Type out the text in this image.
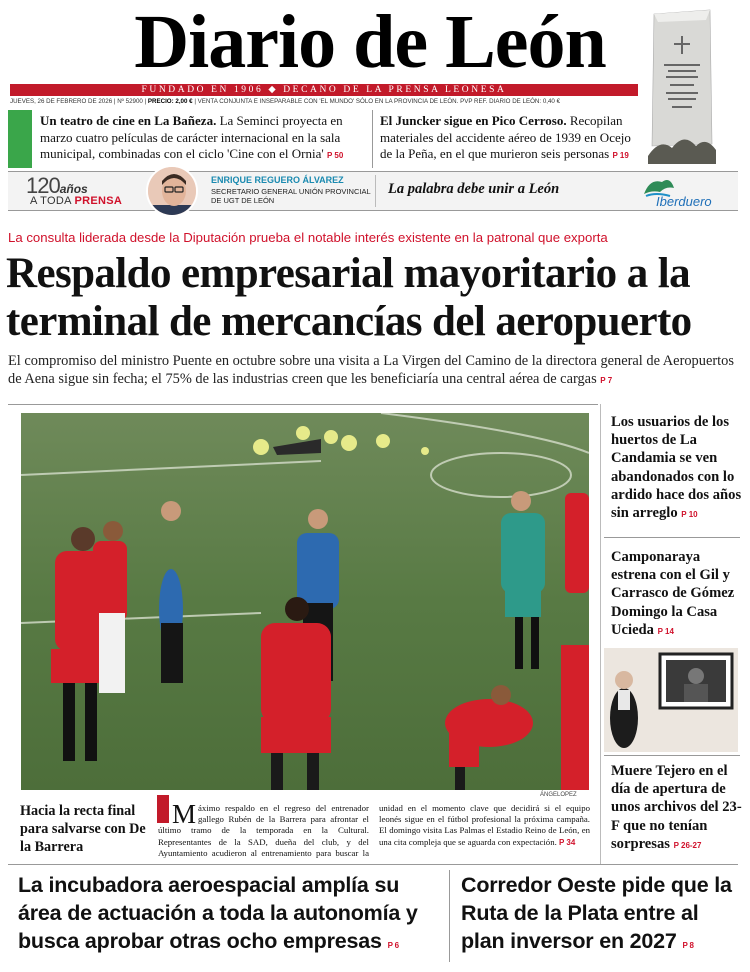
Diario de León
FUNDADO EN 1906 ◆ DECANO DE LA PRENSA LEONESA
JUEVES, 26 DE FEBRERO DE 2026 | Nº 52900 | PRECIO: 2,00 € | VENTA CONJUNTA E INSEPARABLE CON 'EL MUNDO' SÓLO EN LA PROVINCIA DE LEÓN. PVP REF. DIARIO DE LEÓN: 0,40 €
Un teatro de cine en La Bañeza. La Seminci proyecta en marzo cuatro películas de carácter internacional en la sala municipal, combinadas con el ciclo 'Cine con el Ornia' P 50
El Juncker sigue en Pico Cerroso. Recopilan materiales del accidente aéreo de 1939 en Ocejo de la Peña, en el que murieron seis personas P 19
120años
A TODA PRENSA
ENRIQUE REGUERO ÁLVAREZ
SECRETARIO GENERAL UNIÓN PROVINCIAL DE UGT DE LEÓN
La palabra debe unir a León
Iberduero
La consulta liderada desde la Diputación prueba el notable interés existente en la patronal que exporta
Respaldo empresarial mayoritario a la terminal de mercancías del aeropuerto
El compromiso del ministro Puente en octubre sobre una visita a La Virgen del Camino de la directora general de Aeropuertos de Aena sigue sin fecha; el 75% de las industrias creen que les beneficiaría una central aérea de cargas P 7
ÁNGELOPEZ
Hacia la recta final para salvarse con De la Barrera
Máximo respaldo en el regreso del entrenador gallego Rubén de la Barrera para afrontar el último tramo de la temporada en la Cultural. Representantes de la SAD, dueña del club, y del Ayuntamiento acudieron al entrenamiento para buscar la unidad en el momento clave que decidirá si el equipo leonés sigue en el fútbol profesional la próxima campaña. El domingo visita Las Palmas el Estadio Reino de León, en una cita compleja que se aguarda con expectación. P 34
Los usuarios de los huertos de La Candamia se ven abandonados con lo ardido hace dos años sin arreglo P 10
Camponaraya estrena con el Gil y Carrasco de Gómez Domingo la Casa Ucieda P 14
Muere Tejero en el día de apertura de unos archivos del 23-F que no tenían sorpresas P 26-27
La incubadora aeroespacial amplía su área de actuación a toda la autonomía y busca aprobar otras ocho empresas P 6
Corredor Oeste pide que la Ruta de la Plata entre al plan inversor en 2027 P 8
